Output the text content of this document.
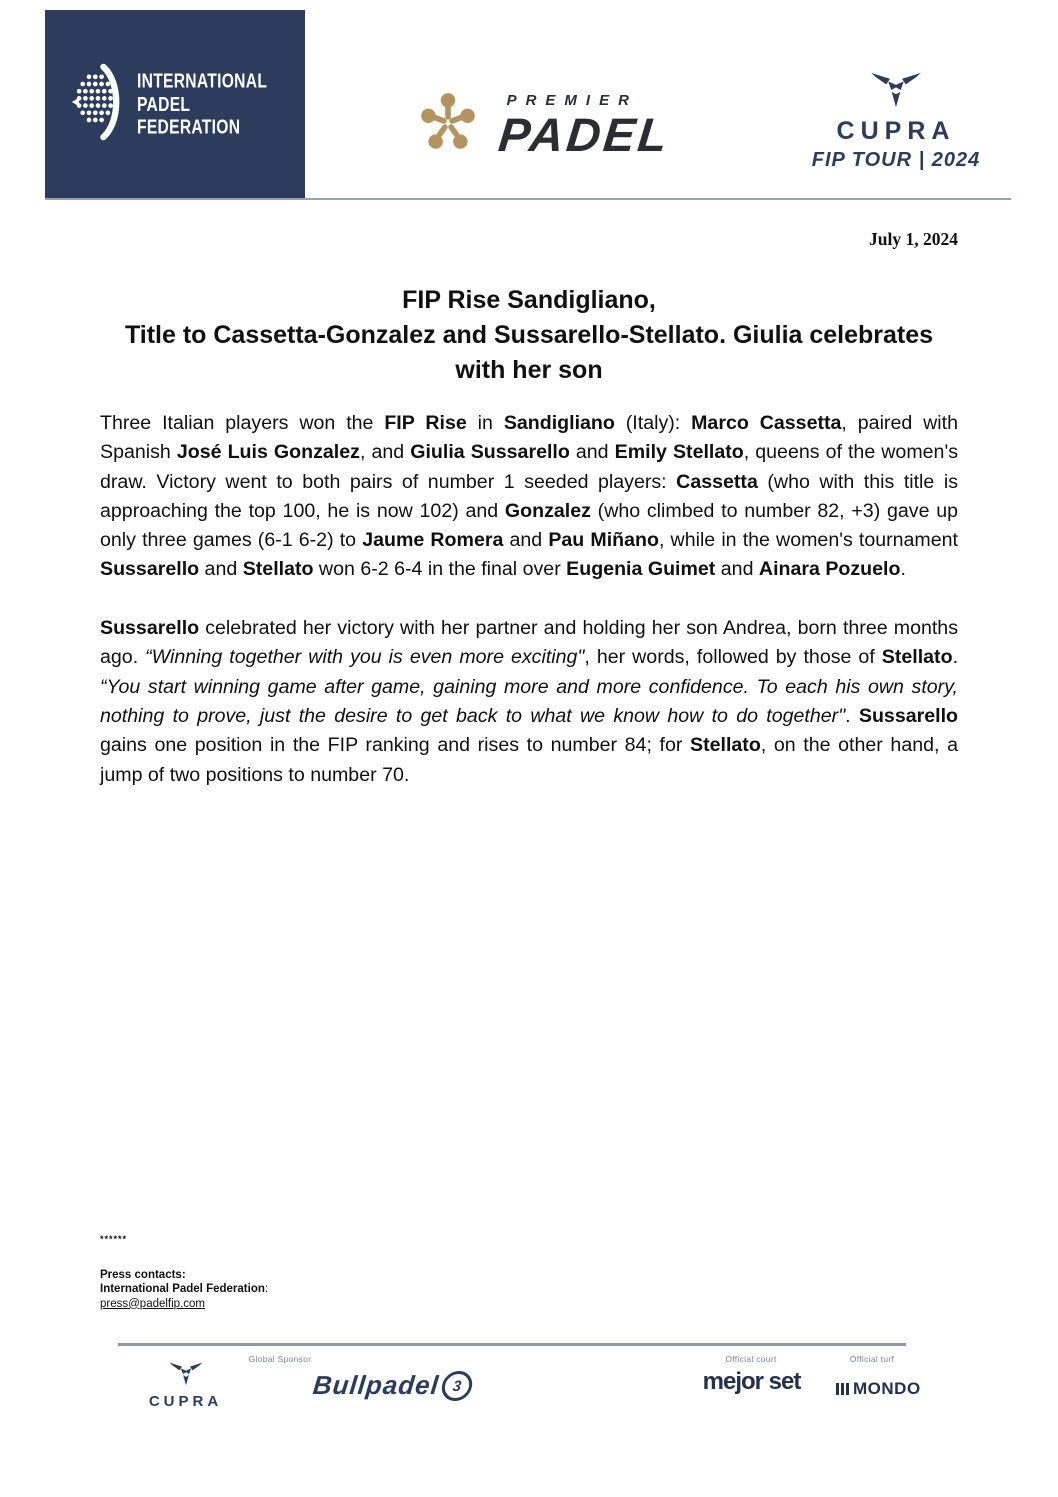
INTERNATIONAL
PADEL
FEDERATION
PREMIER
PADEL	CUPRA
FIP TOUR | 2024
July 1, 2024
FIP Rise Sandigliano,
Title to Cassetta-Gonzalez and Sussarello-Stellato. Giulia celebrates with her son

Three Italian players won the FIP Rise in Sandigliano (Italy): Marco Cassetta, paired with Spanish José Luis Gonzalez, and Giulia Sussarello and Emily Stellato, queens of the women's draw. Victory went to both pairs of number 1 seeded players: Cassetta (who with this title is approaching the top 100, he is now 102) and Gonzalez (who climbed to number 82, +3) gave up only three games (6-1 6-2) to Jaume Romera and Pau Miñano, while in the women's tournament Sussarello and Stellato won 6-2 6-4 in the final over Eugenia Guimet and Ainara Pozuelo.

Sussarello celebrated her victory with her partner and holding her son Andrea, born three months ago. “Winning together with you is even more exciting", her words, followed by those of Stellato. “You start winning game after game, gaining more and more confidence. To each his own story, nothing to prove, just the desire to get back to what we know how to do together". Sussarello gains one position in the FIP ranking and rises to number 84; for Stellato, on the other hand, a jump of two positions to number 70.

******
Press contacts:
International Padel Federation:
press@padelfip.com
Global Sponsor	Official court	Official turf
CUPRA
Bullpadel 3	mejor set	MONDO
